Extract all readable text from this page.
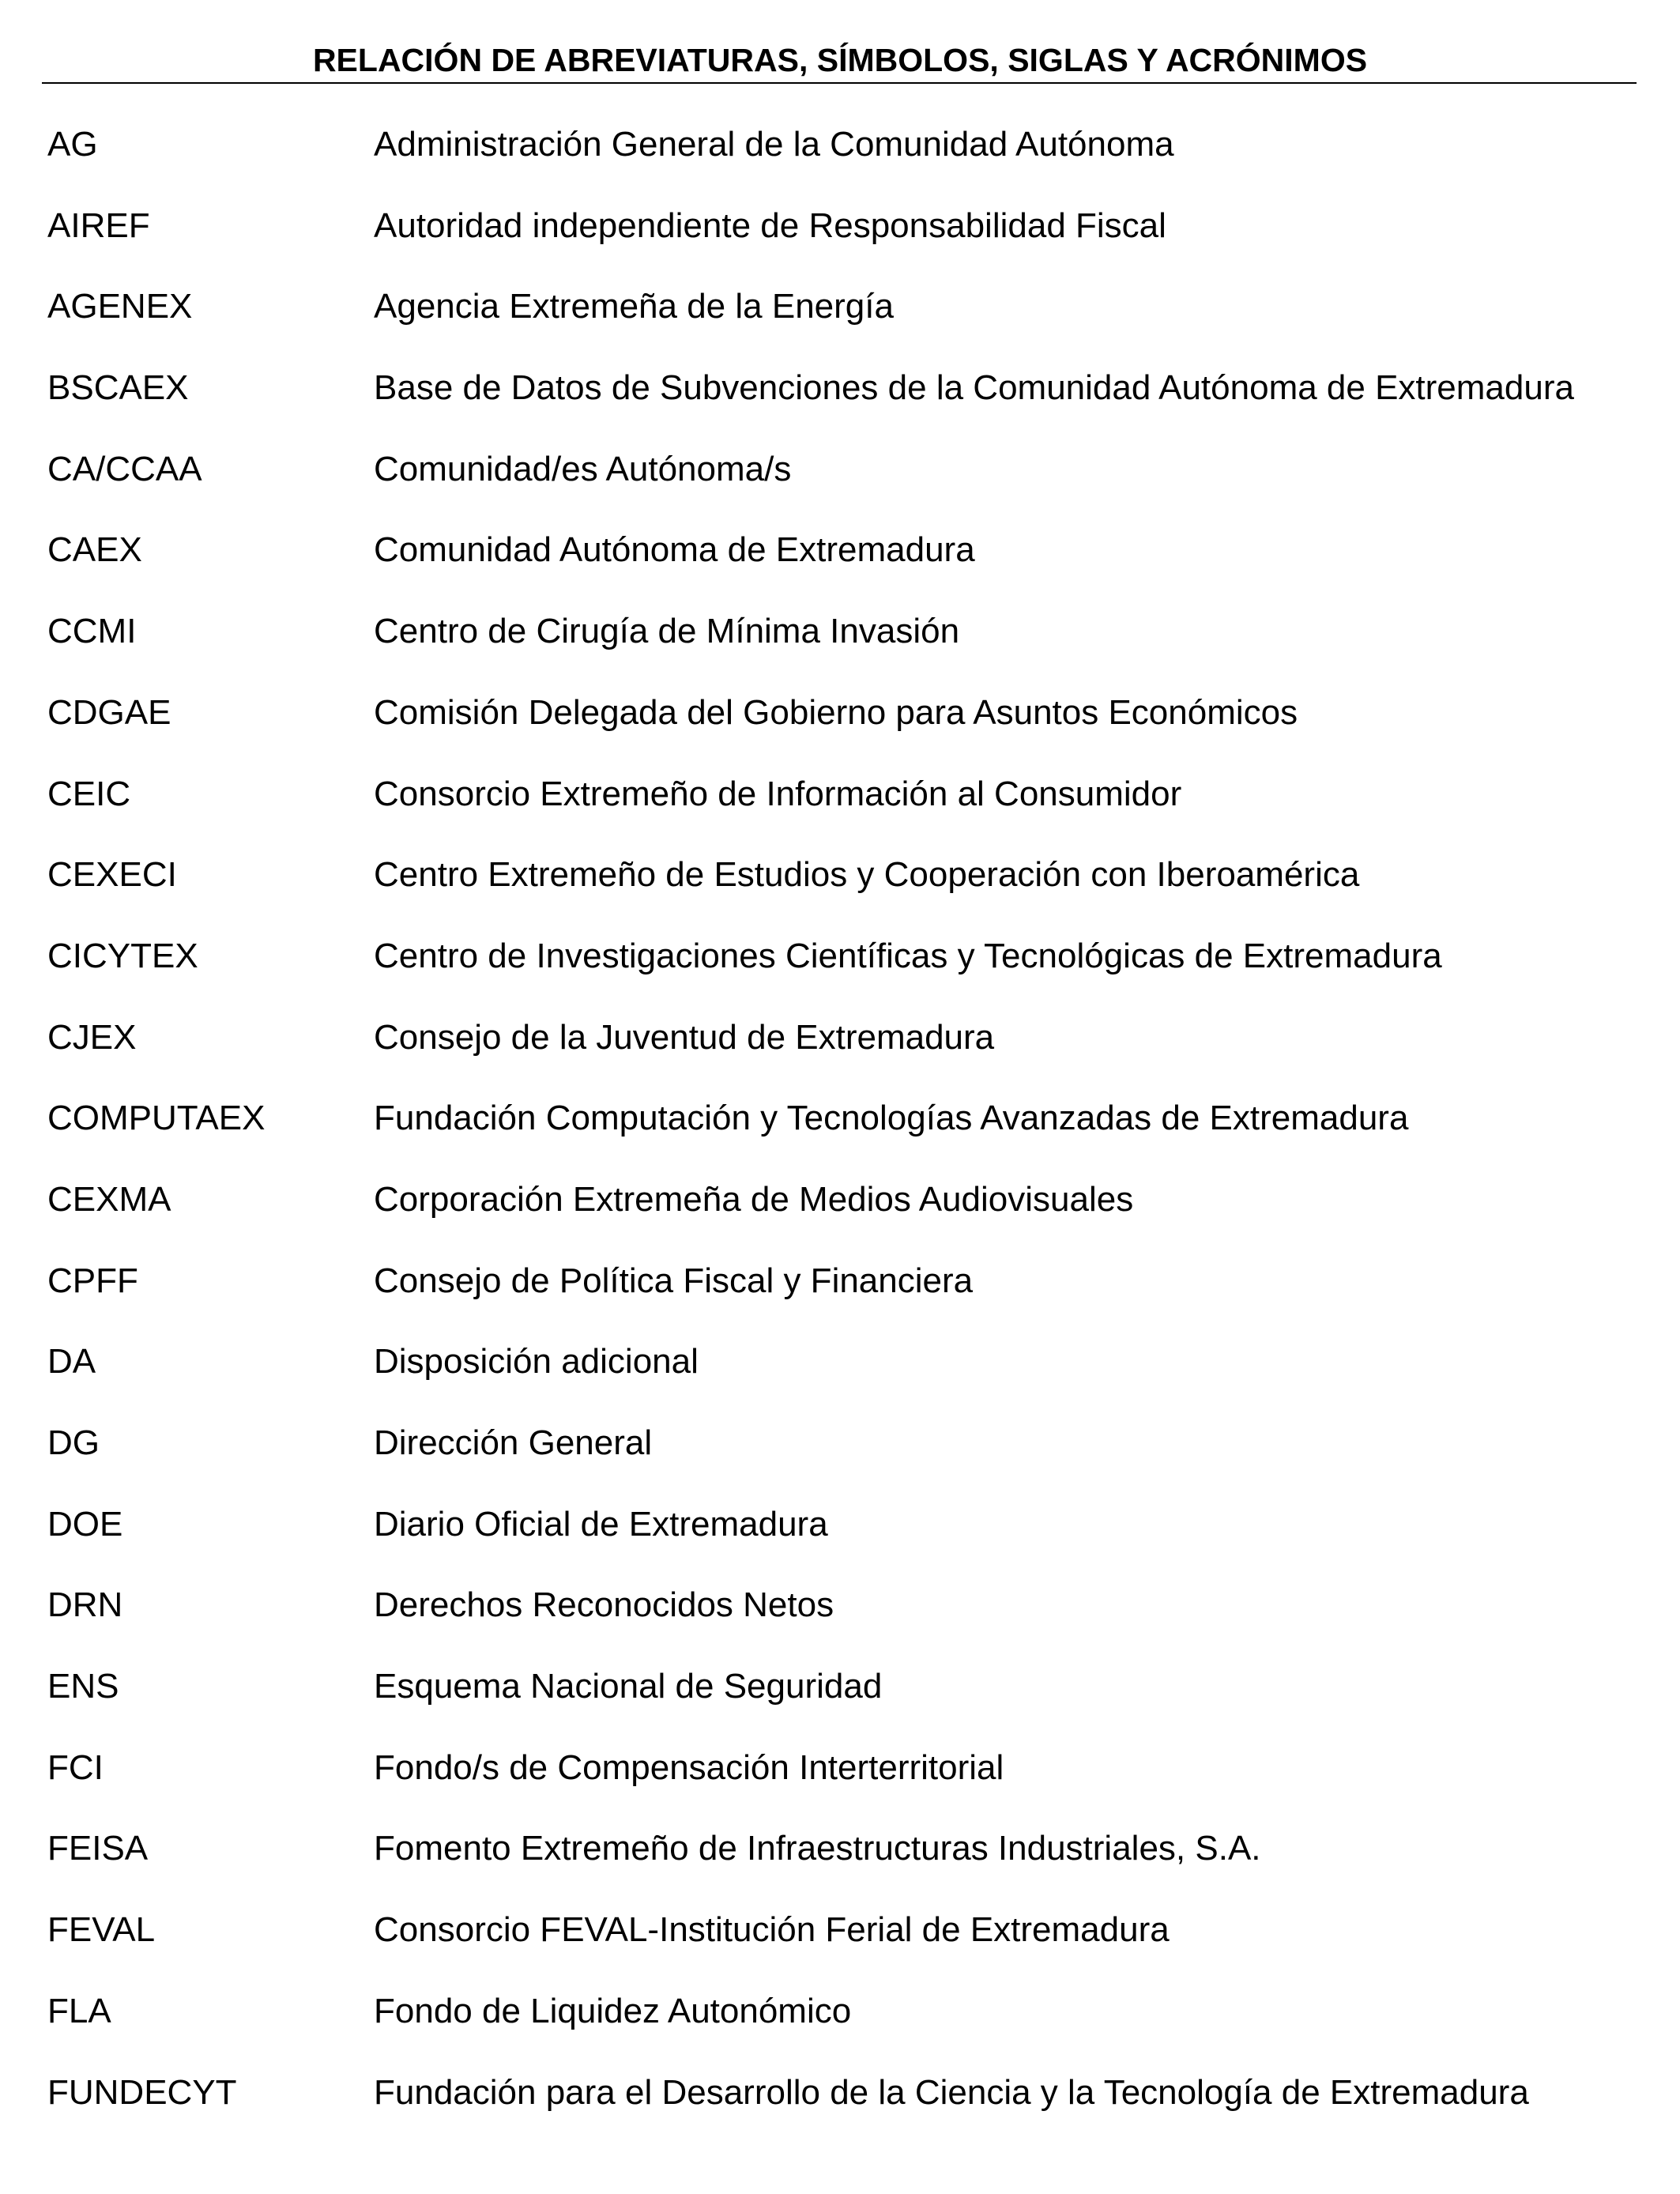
RELACIÓN DE ABREVIATURAS, SÍMBOLOS, SIGLAS Y ACRÓNIMOS
AG	Administración General de la Comunidad Autónoma
AIREF	Autoridad independiente de Responsabilidad Fiscal
AGENEX	Agencia Extremeña de la Energía
BSCAEX	Base de Datos de Subvenciones de la Comunidad Autónoma de Extremadura
CA/CCAA	Comunidad/es Autónoma/s
CAEX	Comunidad Autónoma de Extremadura
CCMI	Centro de Cirugía de Mínima Invasión
CDGAE	Comisión Delegada del Gobierno para Asuntos Económicos
CEIC	Consorcio Extremeño de Información al Consumidor
CEXECI	Centro Extremeño de Estudios y Cooperación con Iberoamérica
CICYTEX	Centro de Investigaciones Científicas y Tecnológicas de Extremadura
CJEX	Consejo de la Juventud de Extremadura
COMPUTAEX	Fundación Computación y Tecnologías Avanzadas de Extremadura
CEXMA	Corporación Extremeña de Medios Audiovisuales
CPFF	Consejo de Política Fiscal y Financiera
DA	Disposición adicional
DG	Dirección General
DOE	Diario Oficial de Extremadura
DRN	Derechos Reconocidos Netos
ENS	Esquema Nacional de Seguridad
FCI	Fondo/s de Compensación Interterritorial
FEISA	Fomento Extremeño de Infraestructuras Industriales, S.A.
FEVAL	Consorcio FEVAL-Institución Ferial de Extremadura
FLA	Fondo de Liquidez Autonómico
FUNDECYT	Fundación para el Desarrollo de la Ciencia y la Tecnología de Extremadura
